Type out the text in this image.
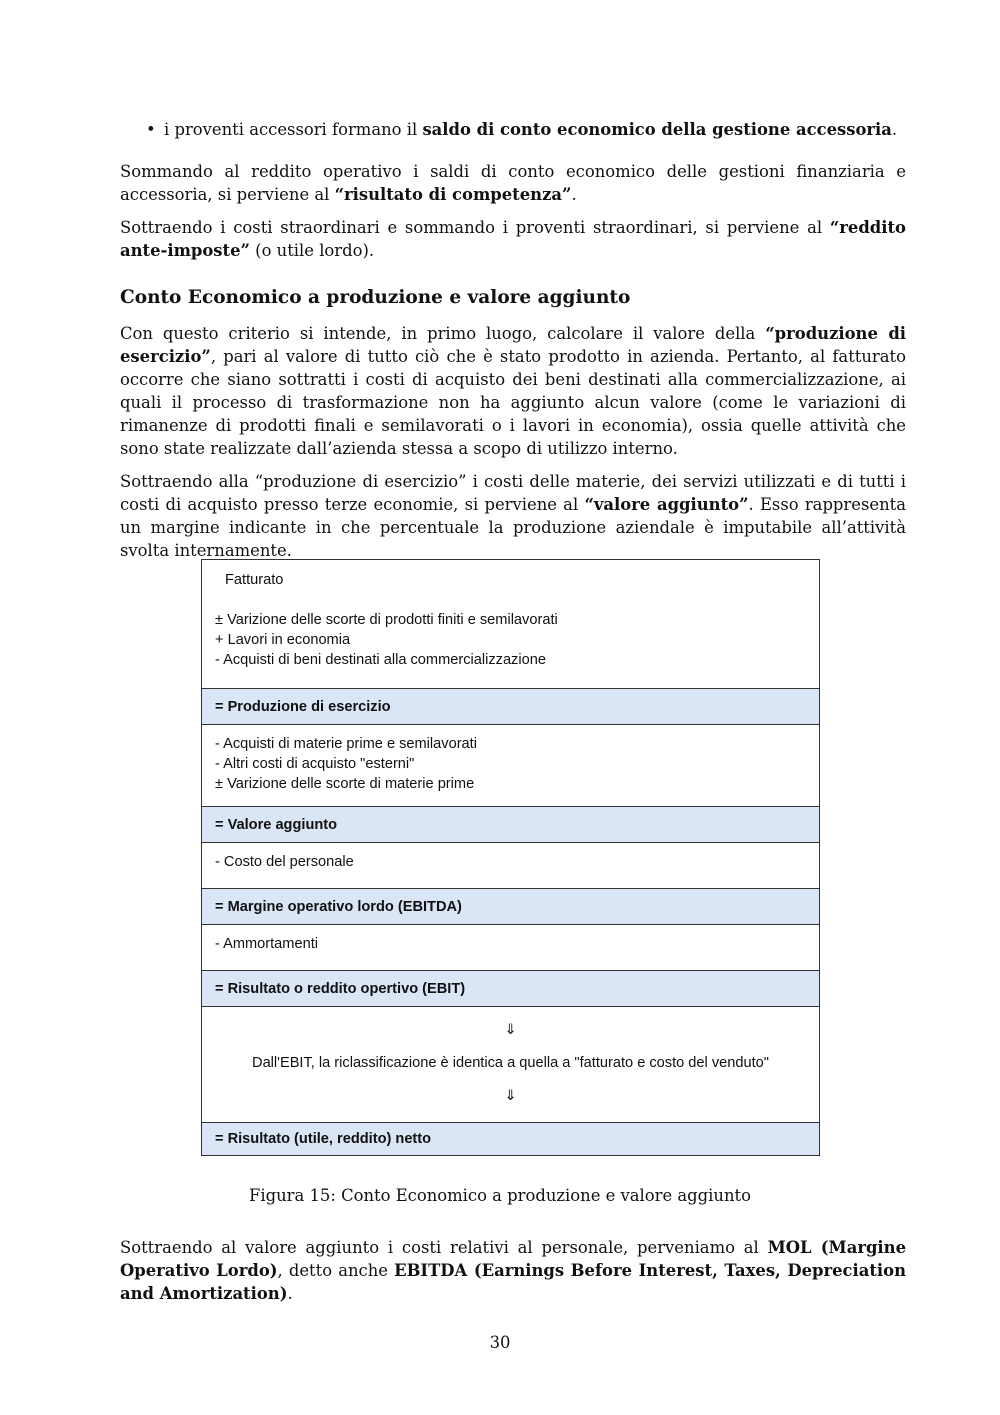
• i proventi accessori formano il saldo di conto economico della gestione accessoria.

Sommando al reddito operativo i saldi di conto economico delle gestioni finanziaria e accessoria, si perviene al “risultato di competenza”.

Sottraendo i costi straordinari e sommando i proventi straordinari, si perviene al “reddito ante-imposte” (o utile lordo).

Conto Economico a produzione e valore aggiunto

Con questo criterio si intende, in primo luogo, calcolare il valore della “produzione di esercizio”, pari al valore di tutto ciò che è stato prodotto in azienda. Pertanto, al fatturato occorre che siano sottratti i costi di acquisto dei beni destinati alla commercializzazione, ai quali il processo di trasformazione non ha aggiunto alcun valore (come le variazioni di rimanenze di prodotti finali e semilavorati o i lavori in economia), ossia quelle attività che sono state realizzate dall’azienda stessa a scopo di utilizzo interno.

Sottraendo alla “produzione di esercizio” i costi delle materie, dei servizi utilizzati e di tutti i costi di acquisto presso terze economie, si perviene al “valore aggiunto”. Esso rappresenta un margine indicante in che percentuale la produzione aziendale è imputabile all’attività svolta internamente.

Fatturato
± Varizione delle scorte di prodotti finiti e semilavorati
+ Lavori in economia
- Acquisti di beni destinati alla commercializzazione
= Produzione di esercizio
- Acquisti di materie prime e semilavorati
- Altri costi di acquisto "esterni"
± Varizione delle scorte di materie prime
= Valore aggiunto
- Costo del personale
= Margine operativo lordo (EBITDA)
- Ammortamenti
= Risultato o reddito opertivo (EBIT)
⇓
Dall'EBIT, la riclassificazione è identica a quella a "fatturato e costo del venduto"
⇓
= Risultato (utile, reddito) netto
Figura 15: Conto Economico a produzione e valore aggiunto

Sottraendo al valore aggiunto i costi relativi al personale, perveniamo al MOL (Margine Operativo Lordo), detto anche EBITDA (Earnings Before Interest, Taxes, Depreciation and Amortization).

30
